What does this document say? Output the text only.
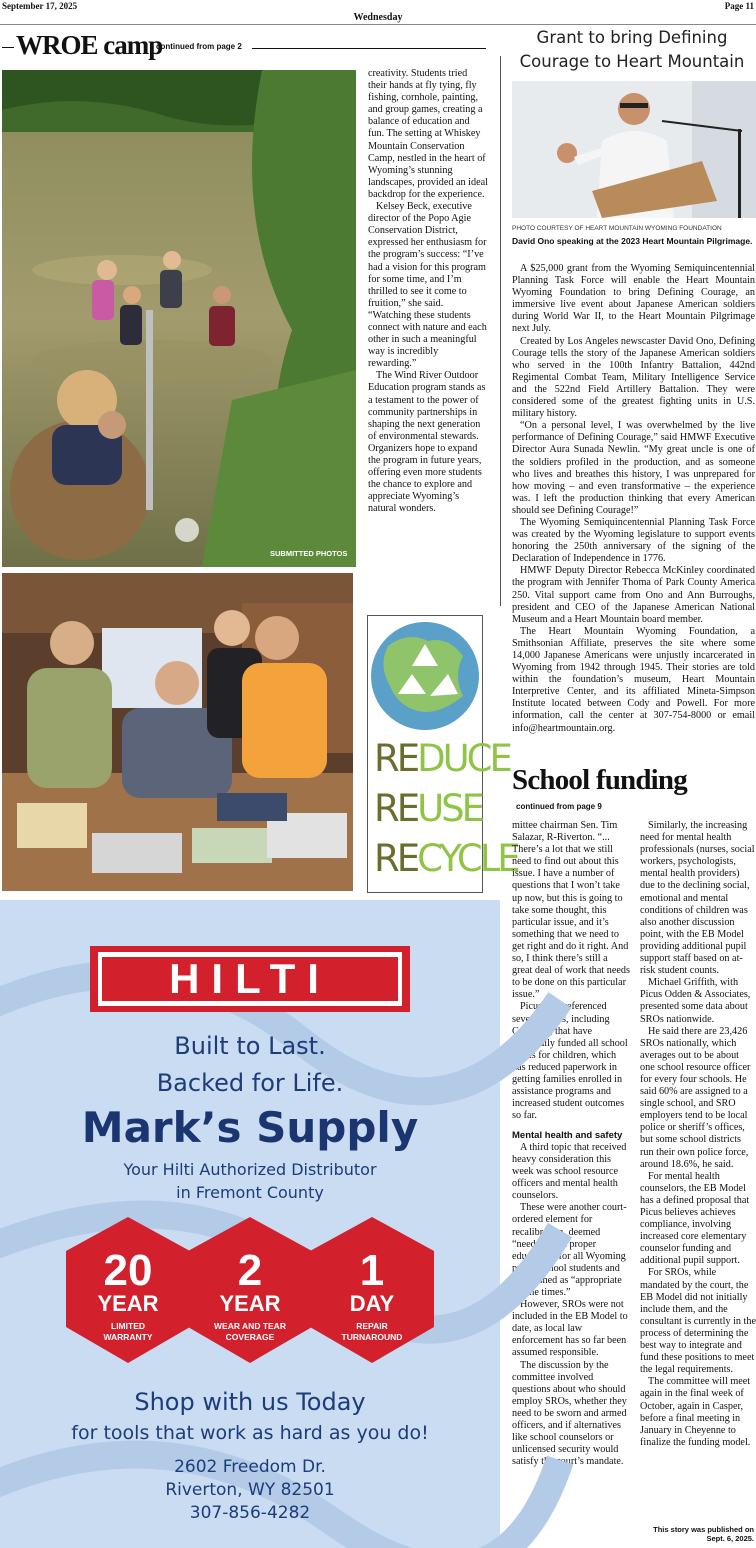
September 17, 2025
Wednesday
Page 11
WROE camp
continued from page 2
SUBMITTED PHOTOS

creativity. Students tried their hands at fly tying, fly fishing, cornhole, painting, and group games, creating a balance of education and fun. The setting at Whiskey Mountain Conservation Camp, nestled in the heart of Wyoming’s stunning landscapes, provided an ideal backdrop for the experience.

Kelsey Beck, executive director of the Popo Agie Conservation District, expressed her enthusiasm for the program’s success: “I’ve had a vision for this program for some time, and I’m thrilled to see it come to fruition,” she said. “Watching these students connect with nature and each other in such a meaningful way is incredibly rewarding.”

The Wind River Outdoor Education program stands as a testament to the power of community partnerships in shaping the next generation of environmental stewards. Organizers hope to expand the program in future years, offering even more students the chance to explore and appreciate Wyoming’s natural wonders.

REDUCE
REUSE
RECYCLE
Grant to bring Defining Courage to Heart Mountain
PHOTO COURTESY OF HEART MOUNTAIN WYOMING FOUNDATION
David Ono speaking at the 2023 Heart Mountain Pilgrimage.

A $25,000 grant from the Wyoming Semiquincentennial Planning Task Force will enable the Heart Mountain Wyoming Foundation to bring Defining Courage, an immersive live event about Japanese American soldiers during World War II, to the Heart Mountain Pilgrimage next July.

Created by Los Angeles newscaster David Ono, Defining Courage tells the story of the Japanese American soldiers who served in the 100th Infantry Battalion, 442nd Regimental Combat Team, Military Intelligence Service and the 522nd Field Artillery Battalion. They were considered some of the greatest fighting units in U.S. military history.

“On a personal level, I was overwhelmed by the live performance of Defining Courage,” said HMWF Executive Director Aura Sunada Newlin. “My great uncle is one of the soldiers profiled in the production, and as someone who lives and breathes this history, I was unprepared for how moving – and even transformative – the experience was. I left the production thinking that every American should see Defining Courage!”

The Wyoming Semiquincentennial Planning Task Force was created by the Wyoming legislature to support events honoring the 250th anniversary of the signing of the Declaration of Independence in 1776.

HMWF Deputy Director Rebecca McKinley coordinated the program with Jennifer Thoma of Park County America 250. Vital support came from Ono and Ann Burroughs, president and CEO of the Japanese American National Museum and a Heart Mountain board member.

The Heart Mountain Wyoming Foundation, a Smithsonian Affiliate, preserves the site where some 14,000 Japanese Americans were unjustly incarcerated in Wyoming from 1942 through 1945. Their stories are told within the foundation’s museum, Heart Mountain Interpretive Center, and its affiliated Mineta-Simpson Institute located between Cody and Powell. For more information, call the center at 307-754-8000 or email info@heartmountain.org.

School funding
continued from page 9

mittee chairman Sen. Tim Salazar, R-Riverton. “... There’s a lot that we still need to find out about this issue. I have a number of questions that I won’t take up now, but this is going to take some thought, this particular issue, and it’s something that we need to get right and do it right. And so, I think there’s still a great deal of work that needs to be done on this particular issue.”

Picus also referenced several states, including Colorado, that have essentially funded all school meals for children, which has reduced paperwork in getting families enrolled in assistance programs and increased student outcomes so far.

Mental health and safety

A third topic that received heavy consideration this week was school resource officers and mental health counselors.

These were another court-ordered element for recalibration, deemed “needed for a proper education” for all Wyoming public school students and established as “appropriate for the times.”

However, SROs were not included in the EB Model to date, as local law enforcement has so far been assumed responsible.

The discussion by the committee involved questions about who should employ SROs, whether they need to be sworn and armed officers, and if alternatives like school counselors or unlicensed security would satisfy the court’s mandate.

Similarly, the increasing need for mental health professionals (nurses, social workers, psychologists, mental health providers) due to the declining social, emotional and mental conditions of children was also another discussion point, with the EB Model providing additional pupil support staff based on at-risk student counts.

Michael Griffith, with Picus Odden & Associates, presented some data about SROs nationwide.

He said there are 23,426 SROs nationally, which averages out to be about one school resource officer for every four schools. He said 60% are assigned to a single school, and SRO employers tend to be local police or sheriff’s offices, but some school districts run their own police force, around 18.6%, he said.

For mental health counselors, the EB Model has a defined proposal that Picus believes achieves compliance, involving increased core elementary counselor funding and additional pupil support.

For SROs, while mandated by the court, the EB Model did not initially include them, and the consultant is currently in the process of determining the best way to integrate and fund these positions to meet the legal requirements.

The committee will meet again in the final week of October, again in Casper, before a final meeting in January in Cheyenne to finalize the funding model.

This story was published on Sept. 6, 2025.
HILTI
Built to Last.
Backed for Life.
Mark’s Supply
Your Hilti Authorized Distributor
in Fremont County
20
YEAR
LIMITED
WARRANTY
2
YEAR
WEAR AND TEAR
COVERAGE
1
DAY
REPAIR
TURNAROUND
Shop with us Today
for tools that work as hard as you do!
2602 Freedom Dr.
Riverton, WY 82501
307-856-4282
